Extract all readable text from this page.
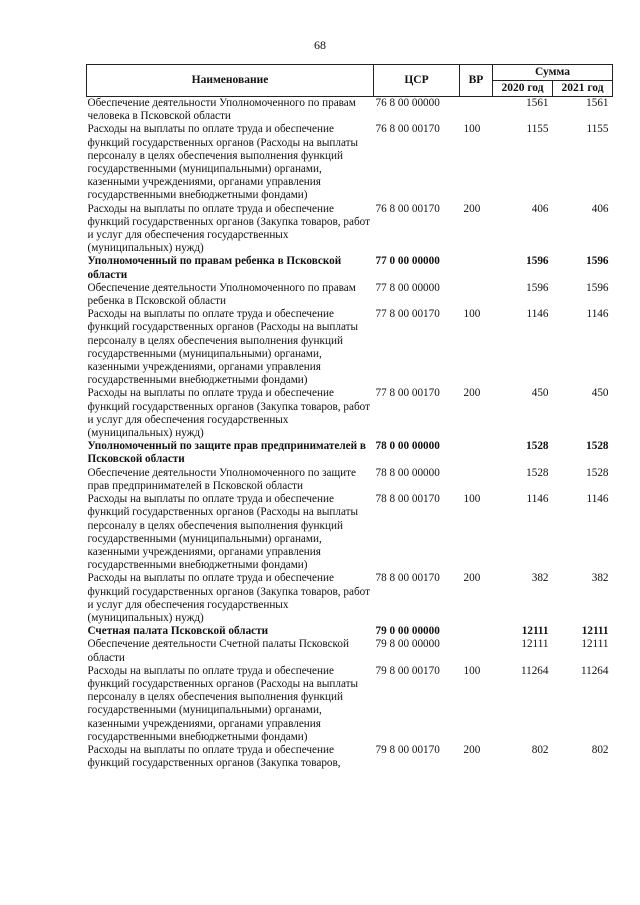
68
Наименование	ЦСР	ВР	Сумма	
			2020 год	2021 год
Обеспечение деятельности Уполномоченного по правам человека в Псковской области	76 8 00 00000		1561	1561
Расходы на выплаты по оплате труда и обеспечение функций государственных органов (Расходы на выплаты персоналу в целях обеспечения выполнения функций государственными (муниципальными) органами, казенными учреждениями, органами управления государственными внебюджетными фондами)	76 8 00 00170	100	1155	1155
Расходы на выплаты по оплате труда и обеспечение функций государственных органов (Закупка товаров, работ и услуг для обеспечения государственных (муниципальных) нужд)	76 8 00 00170	200	406	406
Уполномоченный по правам ребенка в Псковской области	77 0 00 00000		1596	1596
Обеспечение деятельности Уполномоченного по правам ребенка в Псковской области	77 8 00 00000		1596	1596
Расходы на выплаты по оплате труда и обеспечение функций государственных органов (Расходы на выплаты персоналу в целях обеспечения выполнения функций государственными (муниципальными) органами, казенными учреждениями, органами управления государственными внебюджетными фондами)	77 8 00 00170	100	1146	1146
Расходы на выплаты по оплате труда и обеспечение функций государственных органов (Закупка товаров, работ и услуг для обеспечения государственных (муниципальных) нужд)	77 8 00 00170	200	450	450
Уполномоченный по защите прав предпринимателей в Псковской области	78 0 00 00000		1528	1528
Обеспечение деятельности Уполномоченного по защите прав предпринимателей в Псковской области	78 8 00 00000		1528	1528
Расходы на выплаты по оплате труда и обеспечение функций государственных органов (Расходы на выплаты персоналу в целях обеспечения выполнения функций государственными (муниципальными) органами, казенными учреждениями, органами управления государственными внебюджетными фондами)	78 8 00 00170	100	1146	1146
Расходы на выплаты по оплате труда и обеспечение функций государственных органов (Закупка товаров, работ и услуг для обеспечения государственных (муниципальных) нужд)	78 8 00 00170	200	382	382
Счетная палата Псковской области	79 0 00 00000		12111	12111
Обеспечение деятельности Счетной палаты Псковской области	79 8 00 00000		12111	12111
Расходы на выплаты по оплате труда и обеспечение функций государственных органов (Расходы на выплаты персоналу в целях обеспечения выполнения функций государственными (муниципальными) органами, казенными учреждениями, органами управления государственными внебюджетными фондами)	79 8 00 00170	100	11264	11264
Расходы на выплаты по оплате труда и обеспечение функций государственных органов (Закупка товаров,	79 8 00 00170	200	802	802
